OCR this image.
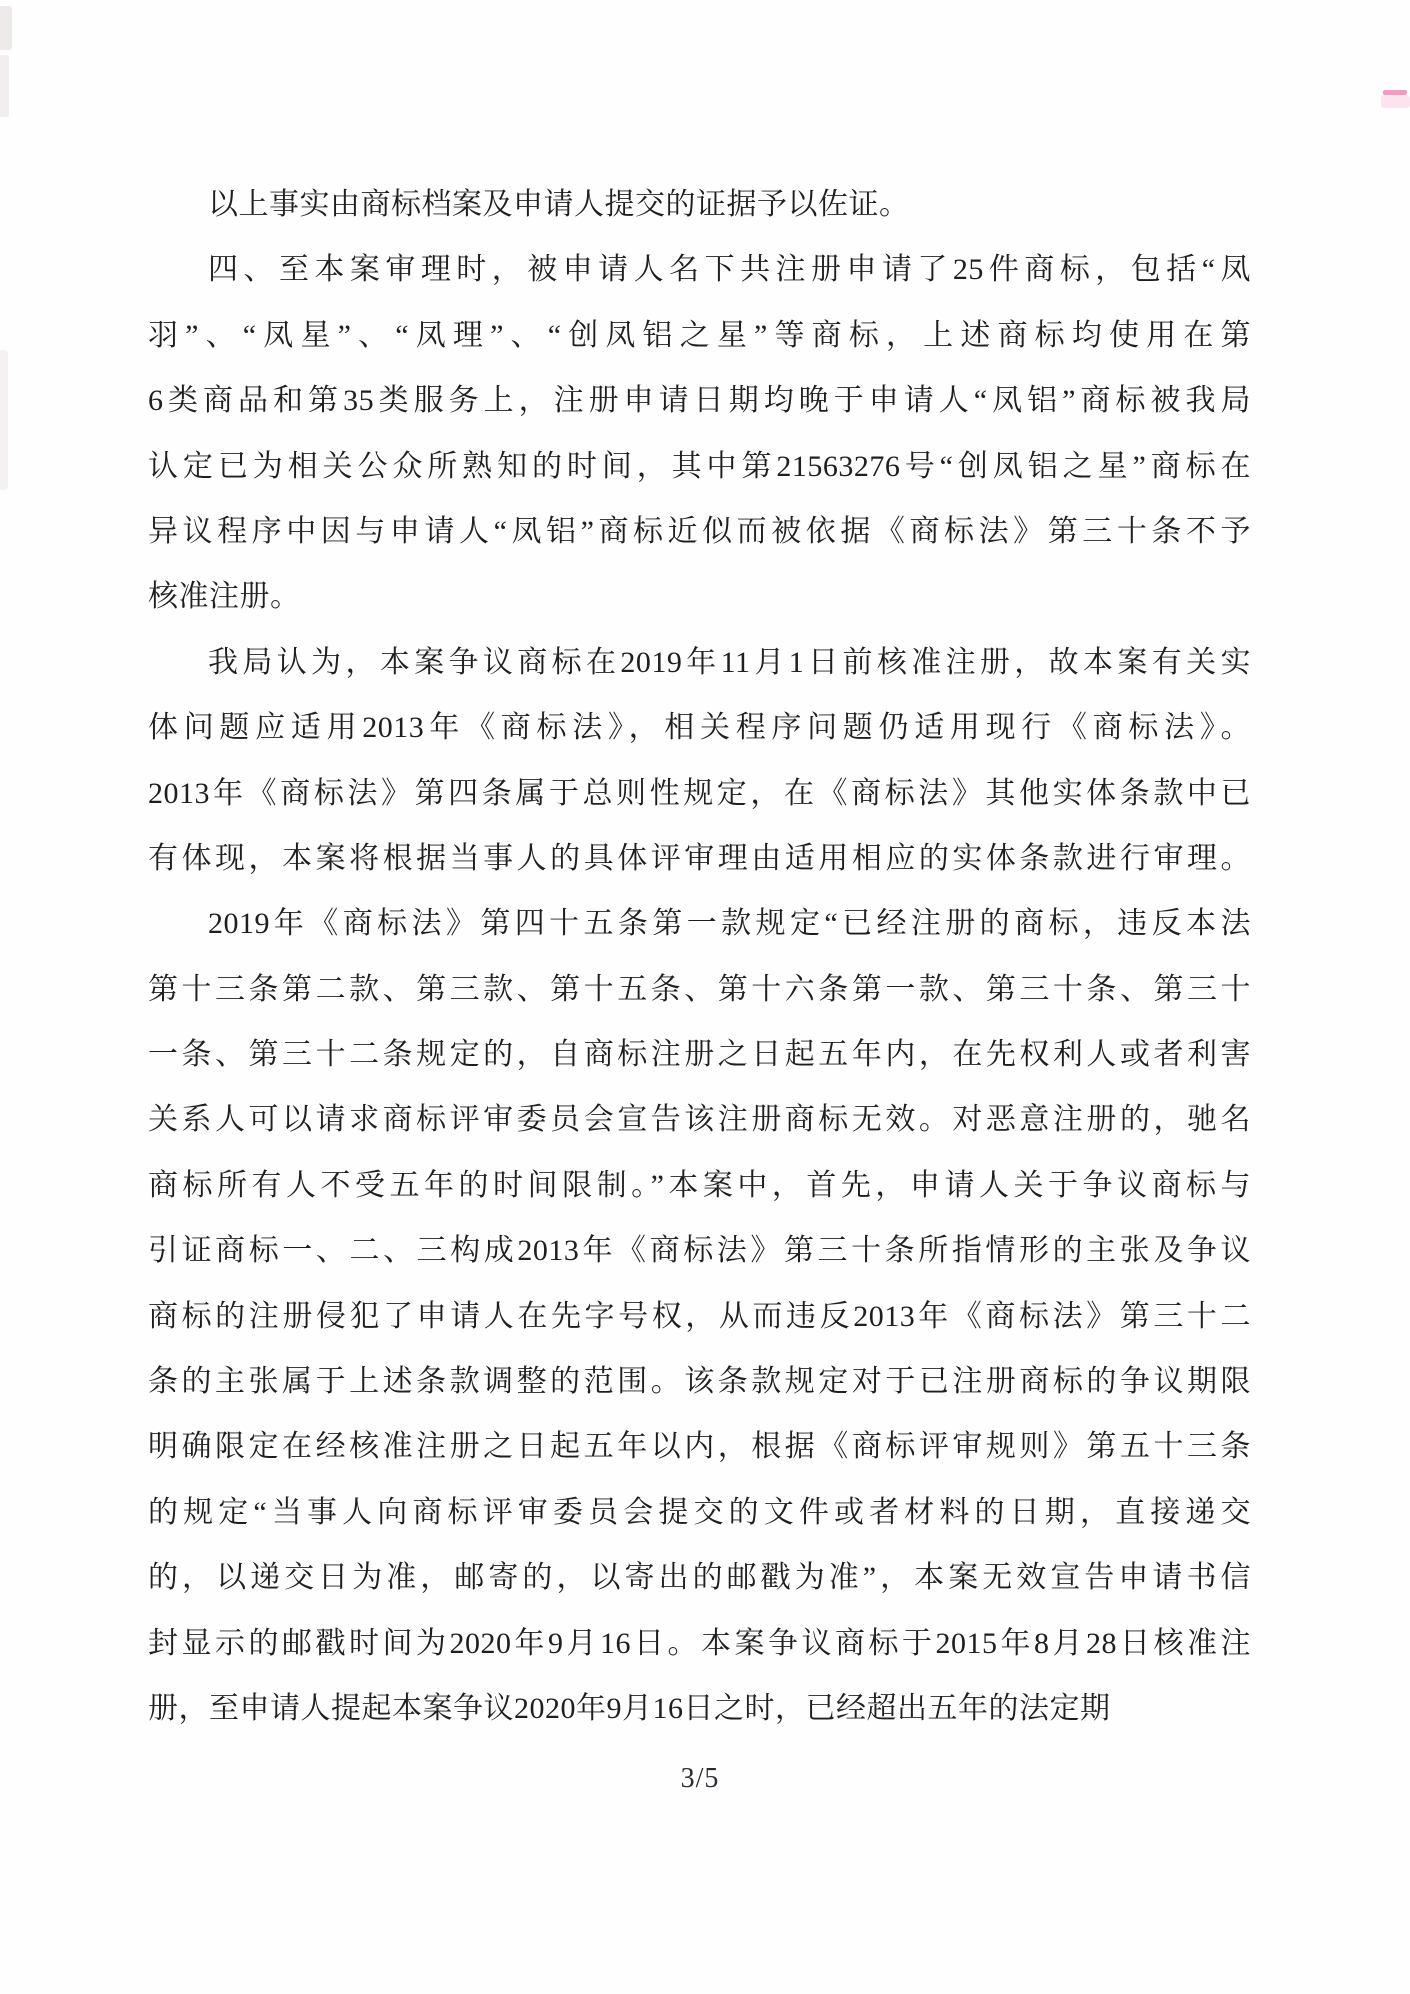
以上事实由商标档案及申请人提交的证据予以佐证。
四、至本案审理时，被申请人名下共注册申请了25件商标，包括“凤
羽”、“凤星”、“凤理”、“创凤铝之星”等商标，上述商标均使用在第
6类商品和第35类服务上，注册申请日期均晚于申请人“凤铝”商标被我局
认定已为相关公众所熟知的时间，其中第21563276号“创凤铝之星”商标在
异议程序中因与申请人“凤铝”商标近似而被依据《商标法》第三十条不予
核准注册。
我局认为，本案争议商标在2019年11月1日前核准注册，故本案有关实
体问题应适用2013年《商标法》，相关程序问题仍适用现行《商标法》。
2013年《商标法》第四条属于总则性规定，在《商标法》其他实体条款中已
有体现，本案将根据当事人的具体评审理由适用相应的实体条款进行审理。
2019年《商标法》第四十五条第一款规定“已经注册的商标，违反本法
第十三条第二款、第三款、第十五条、第十六条第一款、第三十条、第三十
一条、第三十二条规定的，自商标注册之日起五年内，在先权利人或者利害
关系人可以请求商标评审委员会宣告该注册商标无效。对恶意注册的，驰名
商标所有人不受五年的时间限制。”本案中，首先，申请人关于争议商标与
引证商标一、二、三构成2013年《商标法》第三十条所指情形的主张及争议
商标的注册侵犯了申请人在先字号权，从而违反2013年《商标法》第三十二
条的主张属于上述条款调整的范围。该条款规定对于已注册商标的争议期限
明确限定在经核准注册之日起五年以内，根据《商标评审规则》第五十三条
的规定“当事人向商标评审委员会提交的文件或者材料的日期，直接递交
的，以递交日为准，邮寄的，以寄出的邮戳为准”，本案无效宣告申请书信
封显示的邮戳时间为2020年9月16日。本案争议商标于2015年8月28日核准注
册，至申请人提起本案争议2020年9月16日之时，已经超出五年的法定期
3/5
